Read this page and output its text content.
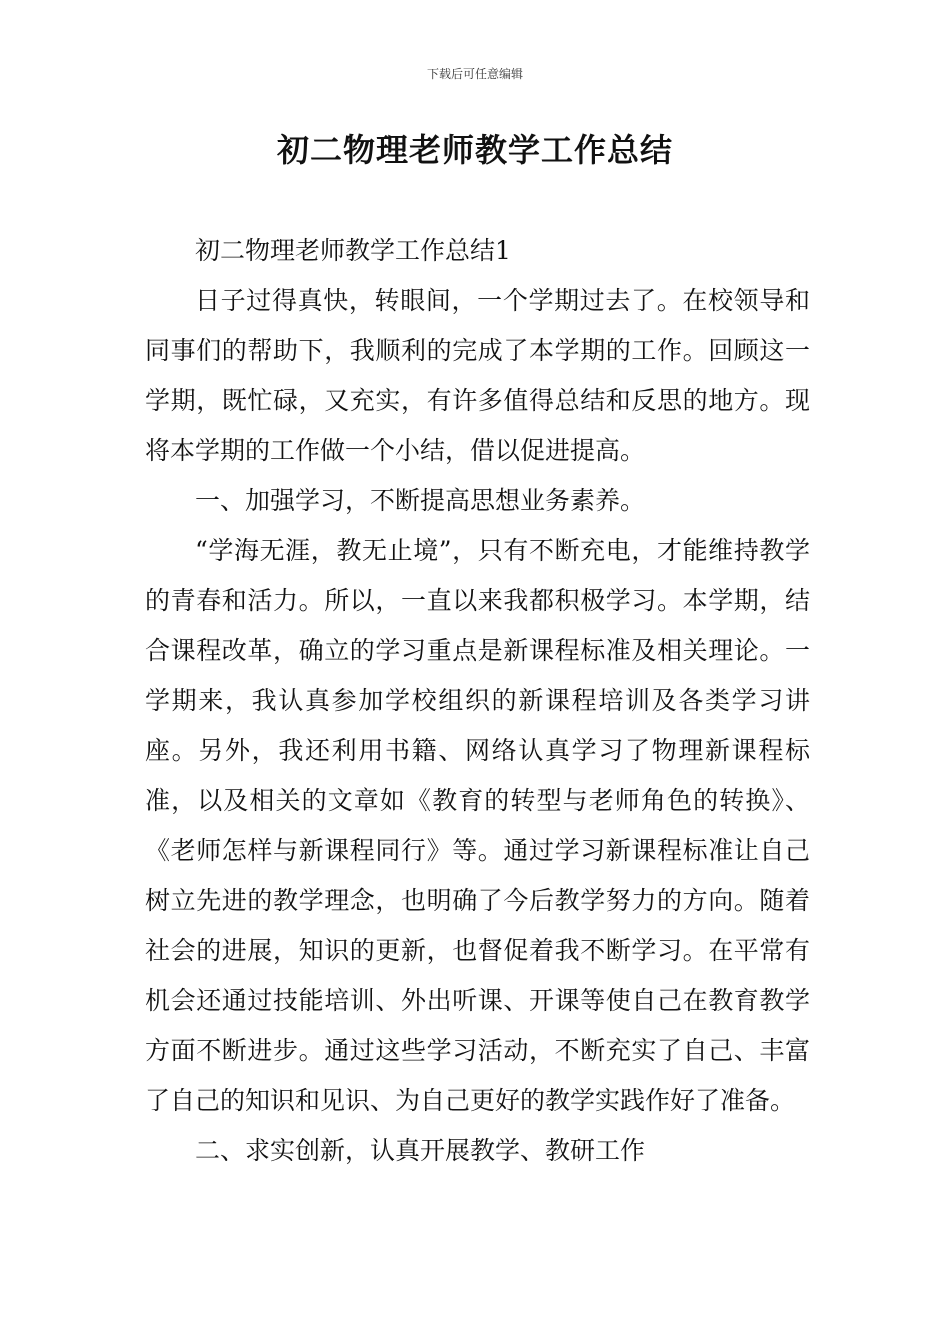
下载后可任意编辑
初二物理老师教学工作总结

初二物理老师教学工作总结1

日子过得真快，转眼间，一个学期过去了。在校领导和同事们的帮助下，我顺利的完成了本学期的工作。回顾这一学期，既忙碌，又充实，有许多值得总结和反思的地方。现将本学期的工作做一个小结，借以促进提高。

一、加强学习，不断提高思想业务素养。

“学海无涯，教无止境”，只有不断充电，才能维持教学的青春和活力。所以，一直以来我都积极学习。本学期，结合课程改革，确立的学习重点是新课程标准及相关理论。一学期来，我认真参加学校组织的新课程培训及各类学习讲座。另外，我还利用书籍、网络认真学习了物理新课程标准，以及相关的文章如《教育的转型与老师角色的转换》、《老师怎样与新课程同行》等。通过学习新课程标准让自己树立先进的教学理念，也明确了今后教学努力的方向。随着社会的进展，知识的更新，也督促着我不断学习。在平常有机会还通过技能培训、外出听课、开课等使自己在教育教学方面不断进步。通过这些学习活动，不断充实了自己、丰富了自己的知识和见识、为自己更好的教学实践作好了准备。

二、求实创新，认真开展教学、教研工作
